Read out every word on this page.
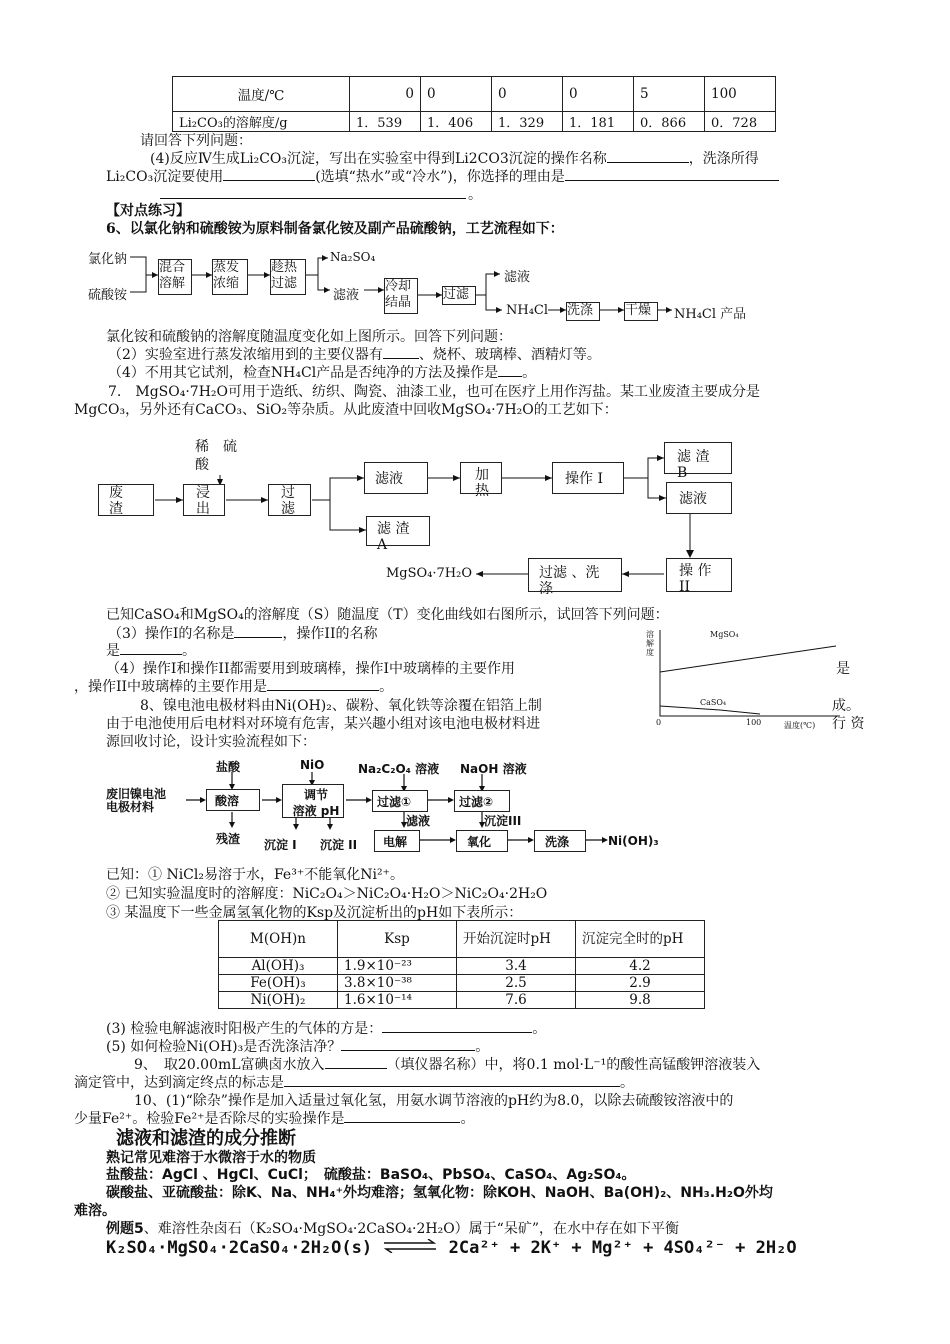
温度/℃	0	0	0	0	5	100
Li₂CO₃的溶解度/g	1．539	1．406	1．329	1．181	0．866	0．728
请回答下列问题：
(4)反应Ⅳ生成Li₂CO₃沉淀，写出在实验室中得到Li2CO3沉淀的操作名称	，洗涤所得
Li₂CO₃沉淀要使用	(选填“热水”或“冷水”)，你选择的理由是
。
【对点练习】
6、以氯化钠和硫酸铵为原料制备氯化铵及副产品硫酸钠，工艺流程如下：
氯化钠
硫酸铵
混合溶解
蒸发浓缩
趁热过滤
Na₂SO₄
滤液
冷却结晶
过滤
滤液
NH₄Cl 洗涤	干燥	NH₄Cl 产品
氯化铵和硫酸钠的溶解度随温度变化如上图所示。回答下列问题：
（2）实验室进行蒸发浓缩用到的主要仪器有	、烧杯、玻璃棒、酒精灯等。
（4）不用其它试剂，检查NH₄Cl产品是否纯净的方法及操作是 。
7.　MgSO₄·7H₂O可用于造纸、纺织、陶瓷、油漆工业，也可在医疗上用作泻盐。某工业废渣主要成分是
MgCO₃，另外还有CaCO₃、SiO₂等杂质。从此废渣中回收MgSO₄·7H₂O的工艺如下：
稀　硫
酸
废
渣
浸
出
过
滤
滤液
滤 渣
A
加
热
操作 I
滤 渣
B
滤液
操 作
II
过滤 、洗
涤
MgSO₄·7H₂O
已知CaSO₄和MgSO₄的溶解度（S）随温度（T）变化曲线如右图所示，试回答下列问题：
（3）操作I的名称是	，操作II的名称
是	。
（4）操作I和操作II都需要用到玻璃棒，操作I中玻璃棒的主要作用	是
，操作II中玻璃棒的主要作用是	。
溶
解
度
MgSO₄
CaSO₄
0	100	温度(℃)
8、镍电池电极材料由Ni(OH)₂、碳粉、氧化铁等涂覆在铝箔上制	成。
由于电池使用后电材料对环境有危害，某兴趣小组对该电池电极材料进	行 资
源回收讨论，设计实验流程如下：
盐酸	NiO	Na₂C₂O₄ 溶液 NaOH 溶液
废旧镍电池
电极材料	酸溶	调节
溶液 pH
过滤①	过滤②
残渣 沉淀 I 沉淀 II
滤液	沉淀III
电解	氧化	洗涤	Ni(OH)₃
已知：① NiCl₂易溶于水，Fe³⁺不能氧化Ni²⁺。
② 已知实验温度时的溶解度：NiC₂O₄＞NiC₂O₄·H₂O＞NiC₂O₄·2H₂O
③ 某温度下一些金属氢氧化物的Ksp及沉淀析出的pH如下表所示：
M(OH)n	Ksp	开始沉淀时pH	沉淀完全时的pH
Al(OH)₃	1.9×10⁻²³	3.4	4.2
Fe(OH)₃	3.8×10⁻³⁸	2.5	2.9
Ni(OH)₂	1.6×10⁻¹⁴	7.6	9.8
(3) 检验电解滤液时阳极产生的气体的方是：	。
(5) 如何检验Ni(OH)₃是否洗涤洁净？	。
9、　取20.00mL富碘卤水放入	（填仪器名称）中，将0.1 mol·L⁻¹的酸性高锰酸钾溶液装入
滴定管中，达到滴定终点的标志是	。
10、(1)“除杂”操作是加入适量过氧化氢，用氨水调节溶液的pH约为8.0，以除去硫酸铵溶液中的
少量Fe²⁺。检验Fe²⁺是否除尽的实验操作是	。
滤液和滤渣的成分推断
熟记常见难溶于水微溶于水的物质
盐酸盐：AgCl 、HgCl、CuCl；　硫酸盐：BaSO₄、PbSO₄、CaSO₄、Ag₂SO₄。
碳酸盐、亚硫酸盐：除K、Na、NH₄⁺外均难溶；氢氧化物：除KOH、NaOH、Ba(OH)₂、NH₃.H₂O外均
难溶。
例题5、难溶性杂卤石（K₂SO₄·MgSO₄·2CaSO₄·2H₂O）属于“呆矿”，在水中存在如下平衡
K₂SO₄·MgSO₄·2CaSO₄·2H₂O(s) ⇌ 2Ca²⁺ + 2K⁺ + Mg²⁺ + 4SO₄²⁻ + 2H₂O
